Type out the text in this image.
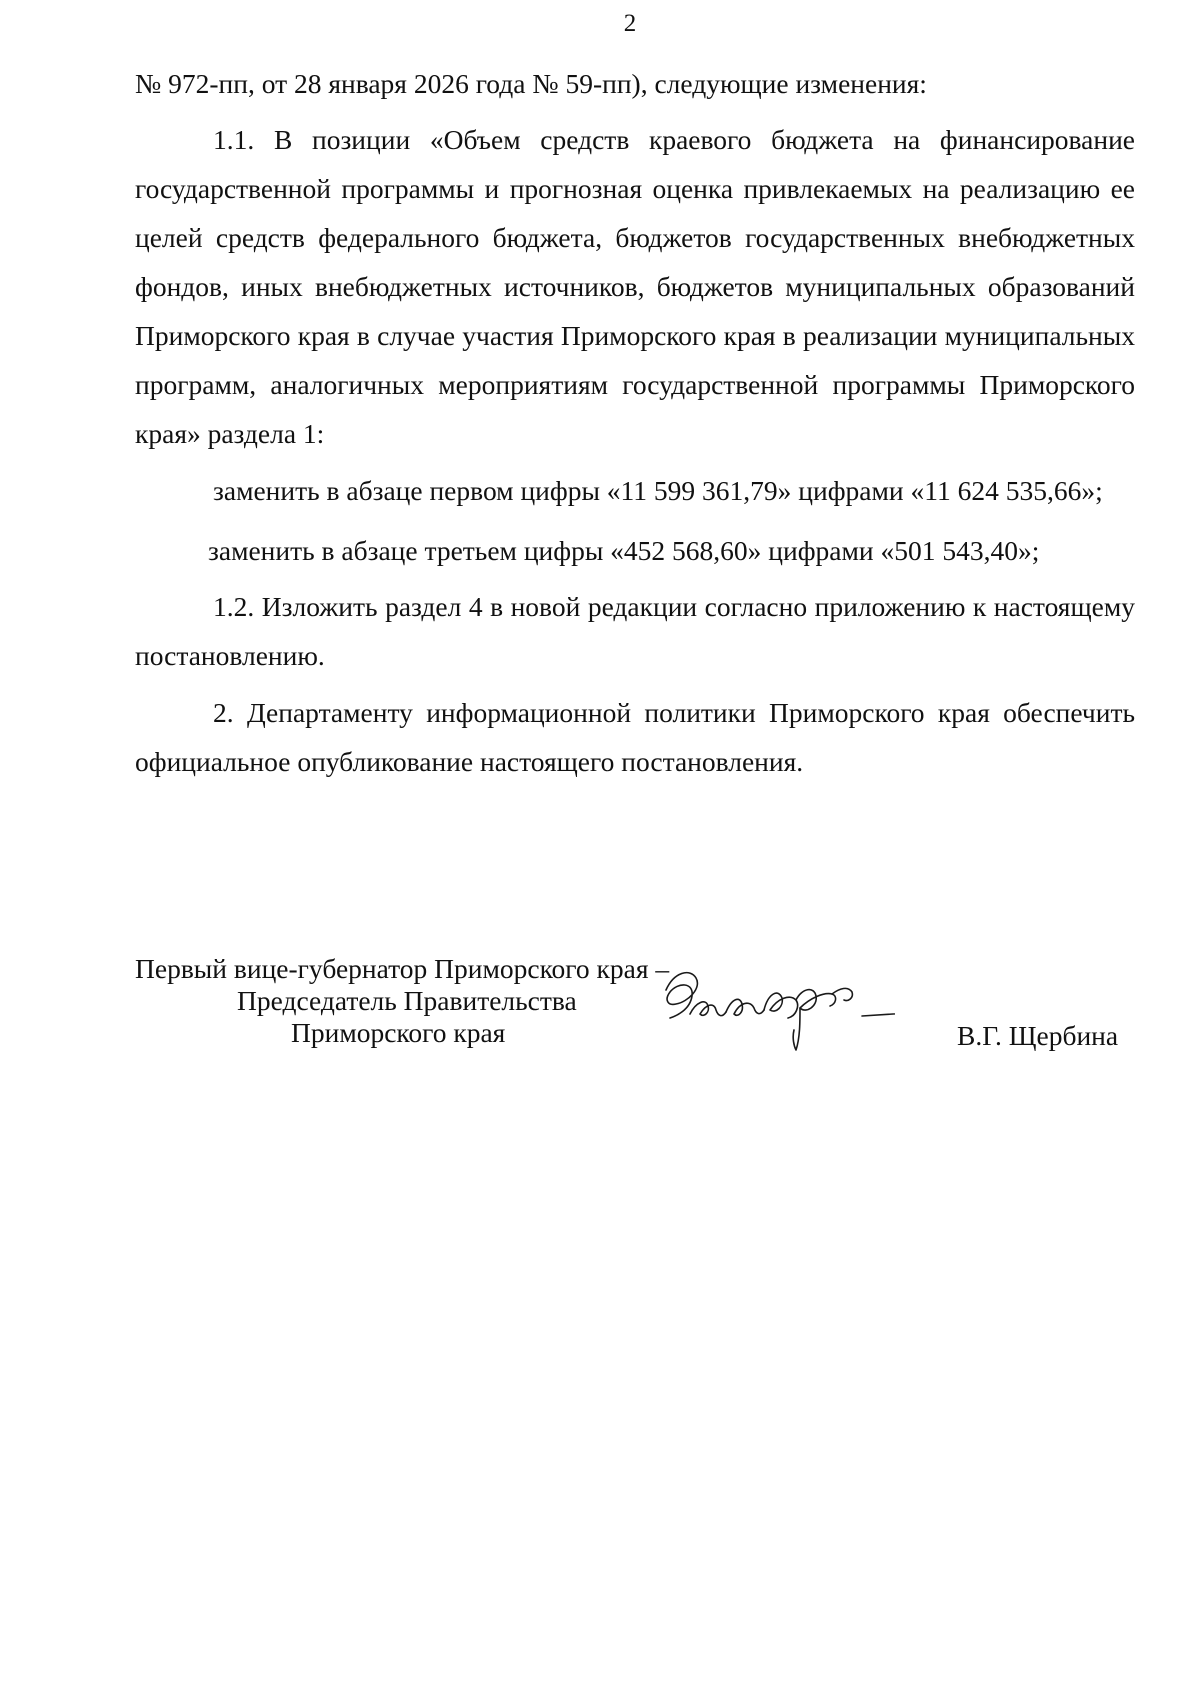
2

№ 972-пп, от 28 января 2026 года № 59-пп), следующие изменения:

1.1. В позиции «Объем средств краевого бюджета на финансирование государственной программы и прогнозная оценка привлекаемых на реализацию ее целей средств федерального бюджета, бюджетов государственных внебюджетных фондов, иных внебюджетных источников, бюджетов муниципальных образований Приморского края в случае участия Приморского края в реализации муниципальных программ, аналогичных мероприятиям государственной программы Приморского края» раздела 1:

заменить в абзаце первом цифры «11 599 361,79» цифрами «11 624 535,66»;

заменить в абзаце третьем цифры «452 568,60» цифрами «501 543,40»;

1.2. Изложить раздел 4 в новой редакции согласно приложению к настоящему постановлению.

2. Департаменту информационной политики Приморского края обеспечить официальное опубликование настоящего постановления.

Первый вице-губернатор Приморского края –
Председатель Правительства
Приморского края	В.Г. Щербина
